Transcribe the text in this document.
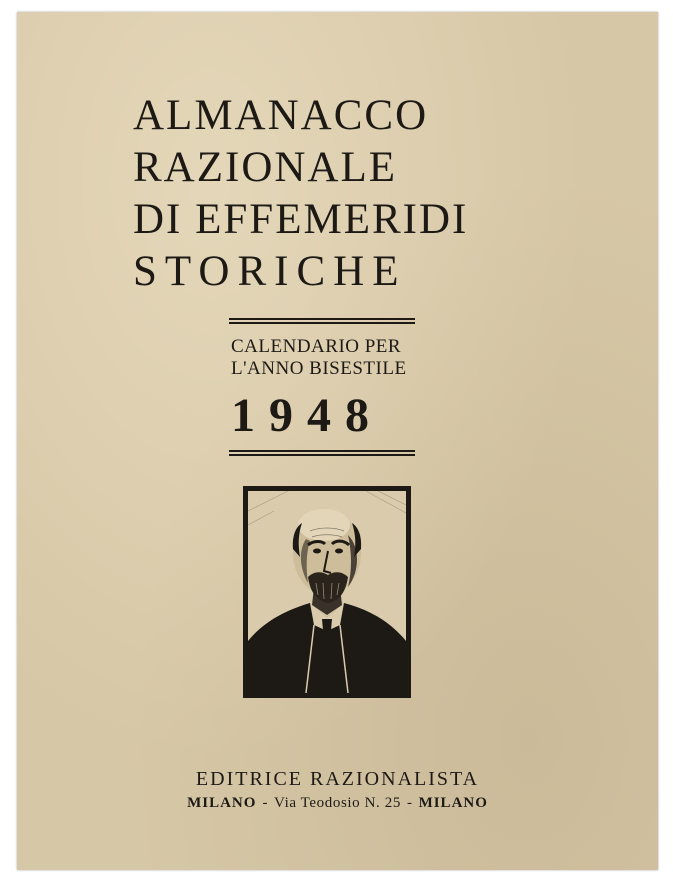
ALMANACCO
RAZIONALE
DI EFFEMERIDI
STORICHE
CALENDARIO PER
L'ANNO BISESTILE
1948
EDITRICE RAZIONALISTA
MILANO - Via Teodosio N. 25 - MILANO
